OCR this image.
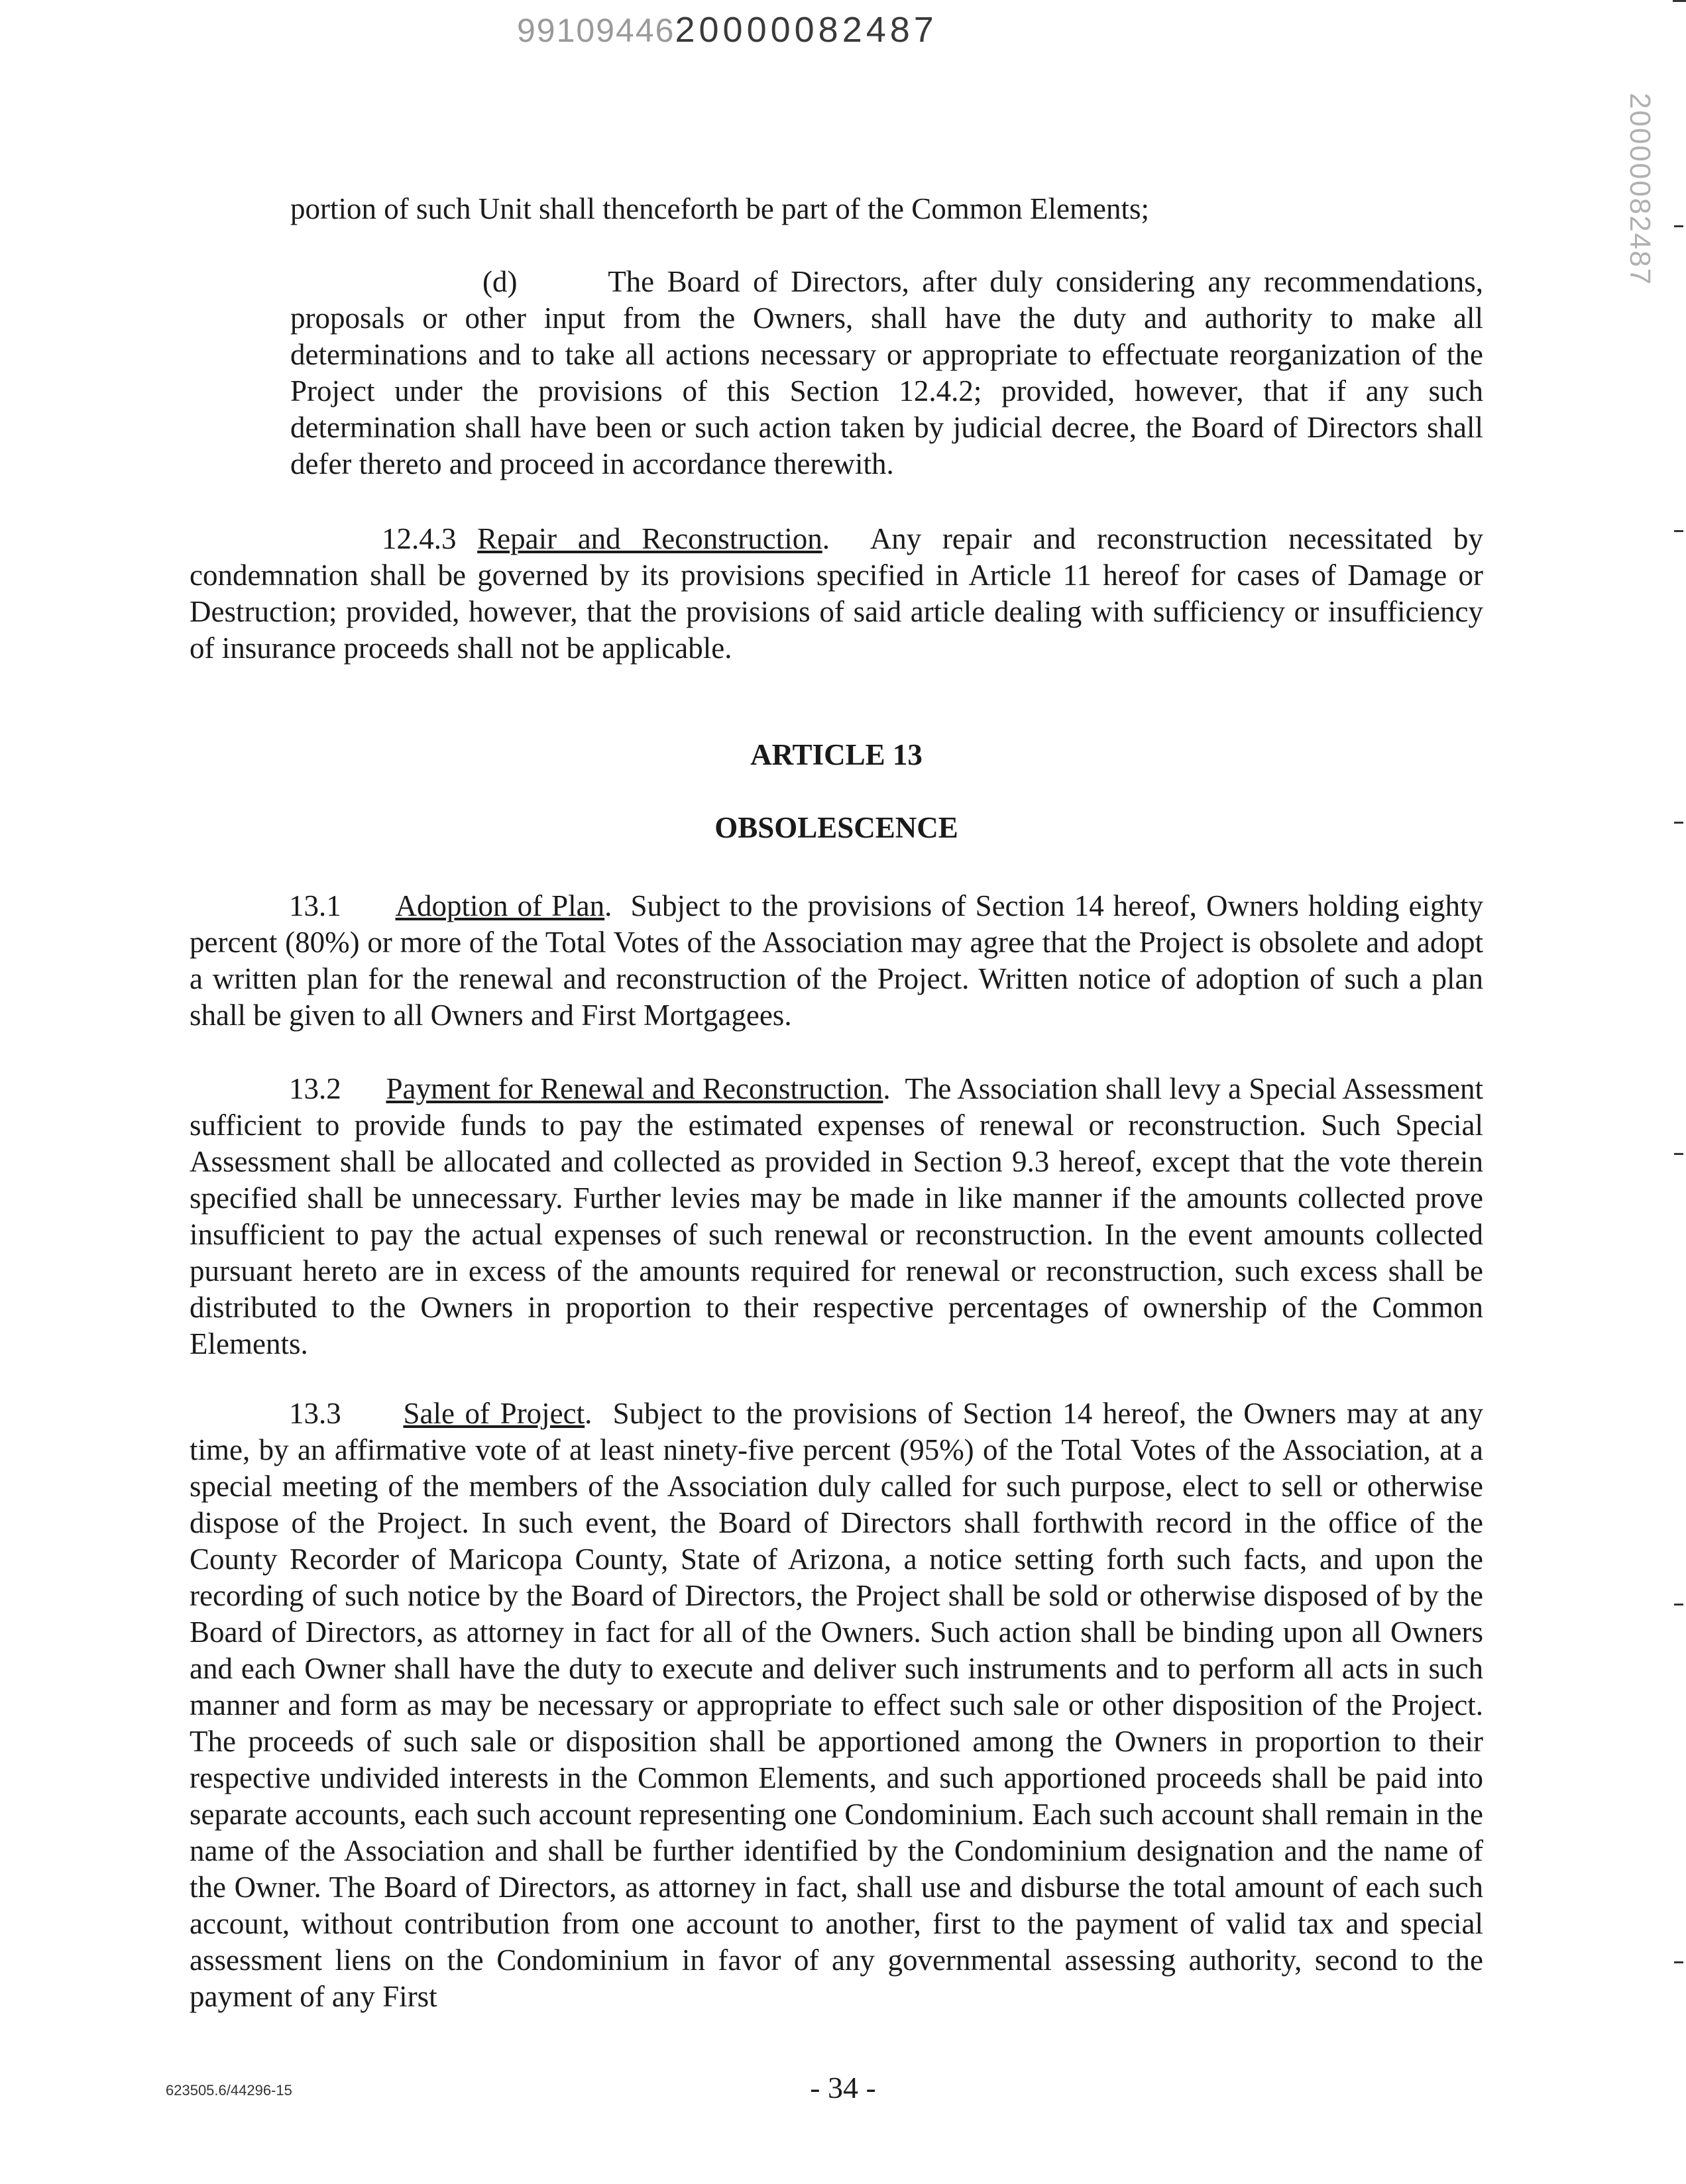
9910944620000082487
20000082487

portion of such Unit shall thenceforth be part of the Common Elements;

(d)	The Board of Directors, after duly considering any recommendations, proposals or other input from the Owners, shall have the duty and authority to make all determinations and to take all actions necessary or appropriate to effectuate reorganization of the Project under the provisions of this Section 12.4.2; provided, however, that if any such determination shall have been or such action taken by judicial decree, the Board of Directors shall defer thereto and proceed in accordance therewith.

12.4.3 Repair and Reconstruction.  Any repair and reconstruction necessitated by condemnation shall be governed by its provisions specified in Article 11 hereof for cases of Damage or Destruction; provided, however, that the provisions of said article dealing with sufficiency or insufficiency of insurance proceeds shall not be applicable.

ARTICLE 13
OBSOLESCENCE

13.1 Adoption of Plan.  Subject to the provisions of Section 14 hereof, Owners holding eighty percent (80%) or more of the Total Votes of the Association may agree that the Project is obsolete and adopt a written plan for the renewal and reconstruction of the Project. Written notice of adoption of such a plan shall be given to all Owners and First Mortgagees.

13.2 Payment for Renewal and Reconstruction.  The Association shall levy a Special Assessment sufficient to provide funds to pay the estimated expenses of renewal or reconstruction. Such Special Assessment shall be allocated and collected as provided in Section 9.3 hereof, except that the vote therein specified shall be unnecessary. Further levies may be made in like manner if the amounts collected prove insufficient to pay the actual expenses of such renewal or reconstruction. In the event amounts collected pursuant hereto are in excess of the amounts required for renewal or reconstruction, such excess shall be distributed to the Owners in proportion to their respective percentages of ownership of the Common Elements.

13.3 Sale of Project.  Subject to the provisions of Section 14 hereof, the Owners may at any time, by an affirmative vote of at least ninety-five percent (95%) of the Total Votes of the Association, at a special meeting of the members of the Association duly called for such purpose, elect to sell or otherwise dispose of the Project. In such event, the Board of Directors shall forthwith record in the office of the County Recorder of Maricopa County, State of Arizona, a notice setting forth such facts, and upon the recording of such notice by the Board of Directors, the Project shall be sold or otherwise disposed of by the Board of Directors, as attorney in fact for all of the Owners. Such action shall be binding upon all Owners and each Owner shall have the duty to execute and deliver such instruments and to perform all acts in such manner and form as may be necessary or appropriate to effect such sale or other disposition of the Project. The proceeds of such sale or disposition shall be apportioned among the Owners in proportion to their respective undivided interests in the Common Elements, and such apportioned proceeds shall be paid into separate accounts, each such account representing one Condominium. Each such account shall remain in the name of the Association and shall be further identified by the Condominium designation and the name of the Owner. The Board of Directors, as attorney in fact, shall use and disburse the total amount of each such account, without contribution from one account to another, first to the payment of valid tax and special assessment liens on the Condominium in favor of any governmental assessing authority, second to the payment of any First

623505.6/44296-15	- 34 -
